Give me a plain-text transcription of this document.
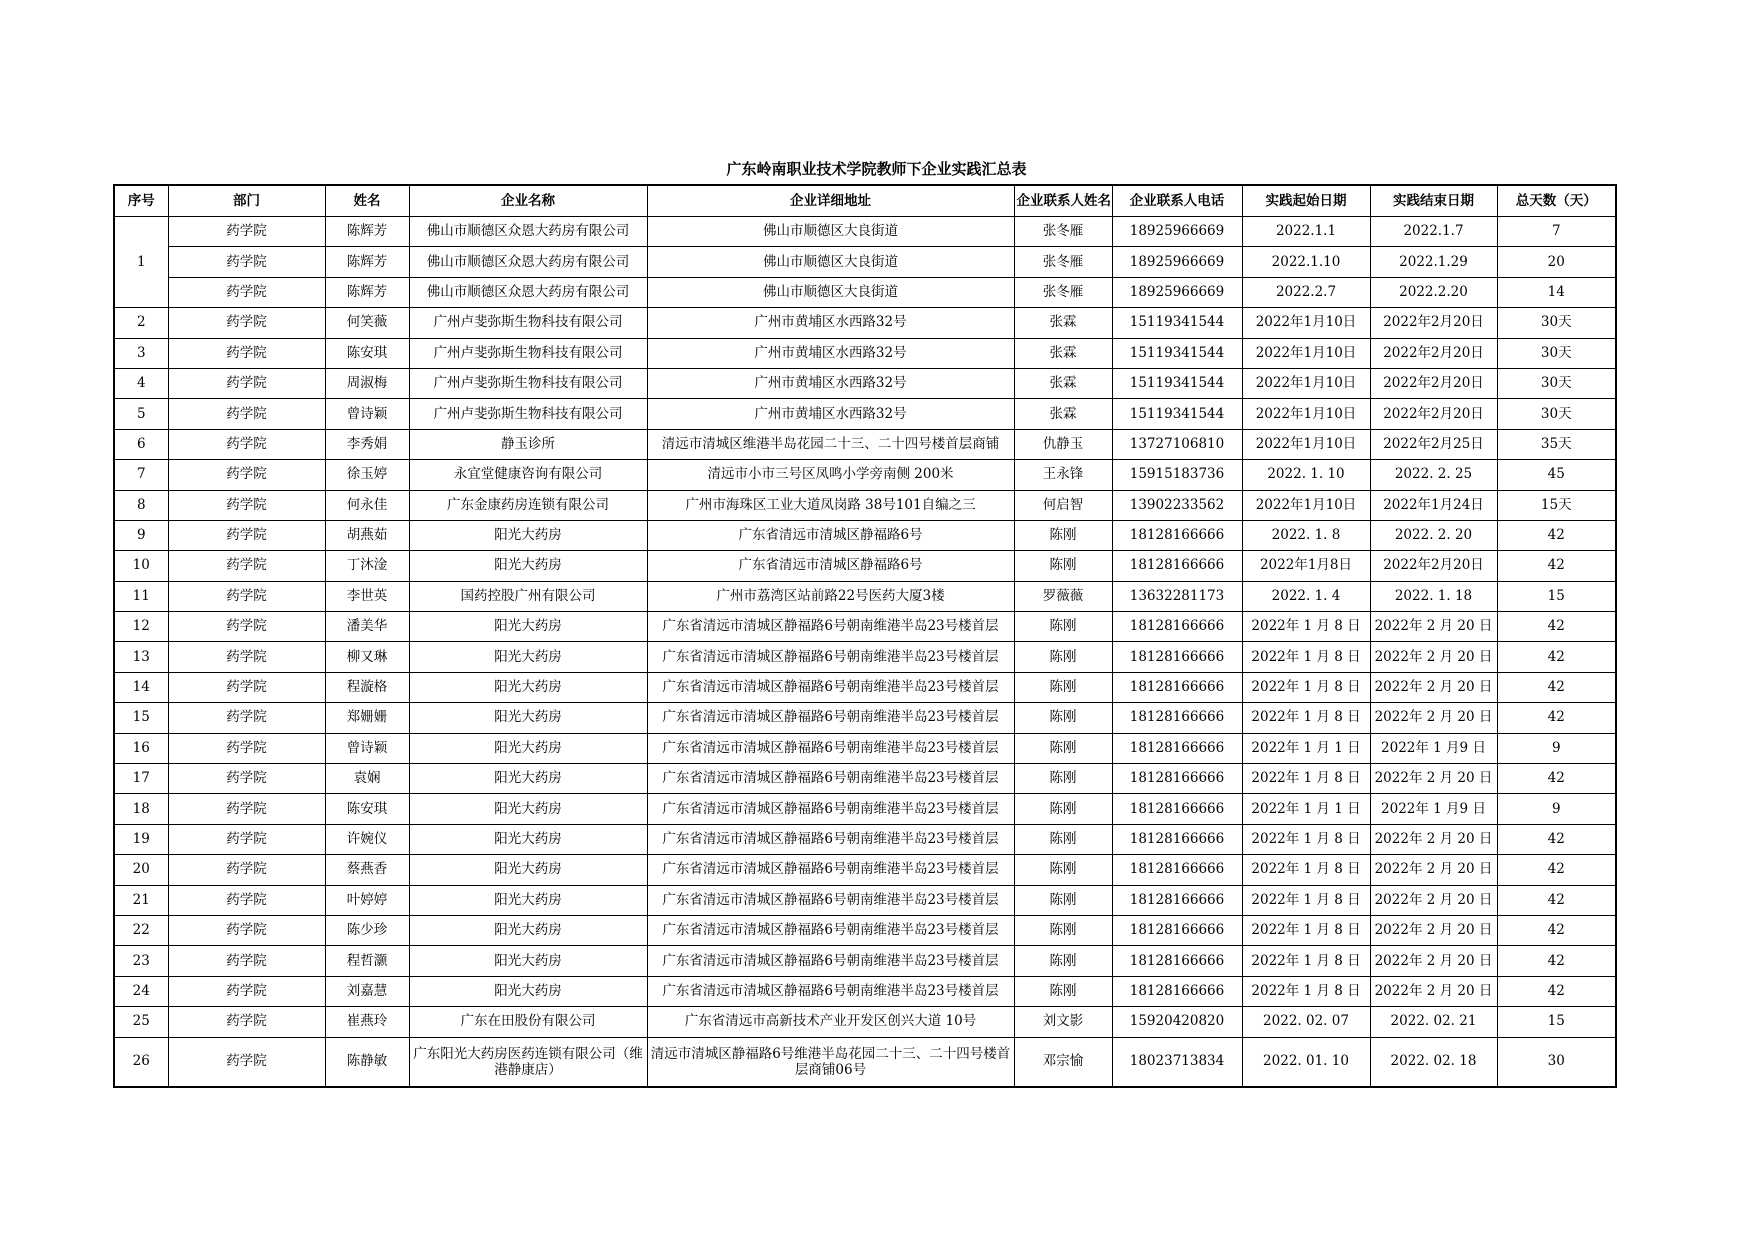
广东岭南职业技术学院教师下企业实践汇总表
序号	部门	姓名	企业名称	企业详细地址	企业联系人姓名	企业联系人电话	实践起始日期	实践结束日期	总天数（天）
1	药学院	陈辉芳	佛山市顺德区众恩大药房有限公司	佛山市顺德区大良街道	张冬雁	18925966669	2022.1.1	2022.1.7	7
	药学院	陈辉芳	佛山市顺德区众恩大药房有限公司	佛山市顺德区大良街道	张冬雁	18925966669	2022.1.10	2022.1.29	20
	药学院	陈辉芳	佛山市顺德区众恩大药房有限公司	佛山市顺德区大良街道	张冬雁	18925966669	2022.2.7	2022.2.20	14
2	药学院	何笑薇	广州卢斐弥斯生物科技有限公司	广州市黄埔区水西路32号	张霖	15119341544	2022年1月10日	2022年2月20日	30天
3	药学院	陈安琪	广州卢斐弥斯生物科技有限公司	广州市黄埔区水西路32号	张霖	15119341544	2022年1月10日	2022年2月20日	30天
4	药学院	周淑梅	广州卢斐弥斯生物科技有限公司	广州市黄埔区水西路32号	张霖	15119341544	2022年1月10日	2022年2月20日	30天
5	药学院	曾诗颖	广州卢斐弥斯生物科技有限公司	广州市黄埔区水西路32号	张霖	15119341544	2022年1月10日	2022年2月20日	30天
6	药学院	李秀娟	静玉诊所	清远市清城区维港半岛花园二十三、二十四号楼首层商铺	仇静玉	13727106810	2022年1月10日	2022年2月25日	35天
7	药学院	徐玉婷	永宜堂健康咨询有限公司	清远市小市三号区凤鸣小学旁南侧 200米	王永锋	15915183736	2022. 1. 10	2022. 2. 25	45
8	药学院	何永佳	广东金康药房连锁有限公司	广州市海珠区工业大道凤岗路 38号101自编之三	何启智	13902233562	2022年1月10日	2022年1月24日	15天
9	药学院	胡燕茹	阳光大药房	广东省清远市清城区静福路6号	陈刚	18128166666	2022. 1. 8	2022. 2. 20	42
10	药学院	丁沐淦	阳光大药房	广东省清远市清城区静福路6号	陈刚	18128166666	2022年1月8日	2022年2月20日	42
11	药学院	李世英	国药控股广州有限公司	广州市荔湾区站前路22号医药大厦3楼	罗薇薇	13632281173	2022. 1. 4	2022. 1. 18	15
12	药学院	潘美华	阳光大药房	广东省清远市清城区静福路6号朝南维港半岛23号楼首层	陈刚	18128166666	2022年 1 月 8 日	2022年 2 月 20 日	42
13	药学院	柳又琳	阳光大药房	广东省清远市清城区静福路6号朝南维港半岛23号楼首层	陈刚	18128166666	2022年 1 月 8 日	2022年 2 月 20 日	42
14	药学院	程漩格	阳光大药房	广东省清远市清城区静福路6号朝南维港半岛23号楼首层	陈刚	18128166666	2022年 1 月 8 日	2022年 2 月 20 日	42
15	药学院	郑姗姗	阳光大药房	广东省清远市清城区静福路6号朝南维港半岛23号楼首层	陈刚	18128166666	2022年 1 月 8 日	2022年 2 月 20 日	42
16	药学院	曾诗颖	阳光大药房	广东省清远市清城区静福路6号朝南维港半岛23号楼首层	陈刚	18128166666	2022年 1 月 1 日	2022年 1 月9 日	9
17	药学院	袁娴	阳光大药房	广东省清远市清城区静福路6号朝南维港半岛23号楼首层	陈刚	18128166666	2022年 1 月 8 日	2022年 2 月 20 日	42
18	药学院	陈安琪	阳光大药房	广东省清远市清城区静福路6号朝南维港半岛23号楼首层	陈刚	18128166666	2022年 1 月 1 日	2022年 1 月9 日	9
19	药学院	许婉仪	阳光大药房	广东省清远市清城区静福路6号朝南维港半岛23号楼首层	陈刚	18128166666	2022年 1 月 8 日	2022年 2 月 20 日	42
20	药学院	蔡燕香	阳光大药房	广东省清远市清城区静福路6号朝南维港半岛23号楼首层	陈刚	18128166666	2022年 1 月 8 日	2022年 2 月 20 日	42
21	药学院	叶婷婷	阳光大药房	广东省清远市清城区静福路6号朝南维港半岛23号楼首层	陈刚	18128166666	2022年 1 月 8 日	2022年 2 月 20 日	42
22	药学院	陈少珍	阳光大药房	广东省清远市清城区静福路6号朝南维港半岛23号楼首层	陈刚	18128166666	2022年 1 月 8 日	2022年 2 月 20 日	42
23	药学院	程哲灏	阳光大药房	广东省清远市清城区静福路6号朝南维港半岛23号楼首层	陈刚	18128166666	2022年 1 月 8 日	2022年 2 月 20 日	42
24	药学院	刘嘉慧	阳光大药房	广东省清远市清城区静福路6号朝南维港半岛23号楼首层	陈刚	18128166666	2022年 1 月 8 日	2022年 2 月 20 日	42
25	药学院	崔燕玲	广东在田股份有限公司	广东省清远市高新技术产业开发区创兴大道 10号	刘文影	15920420820	2022. 02. 07	2022. 02. 21	15
26	药学院	陈静敏	广东阳光大药房医药连锁有限公司（维港静康店）	清远市清城区静福路6号维港半岛花园二十三、二十四号楼首层商铺06号	邓宗愉	18023713834	2022. 01. 10	2022. 02. 18	30
